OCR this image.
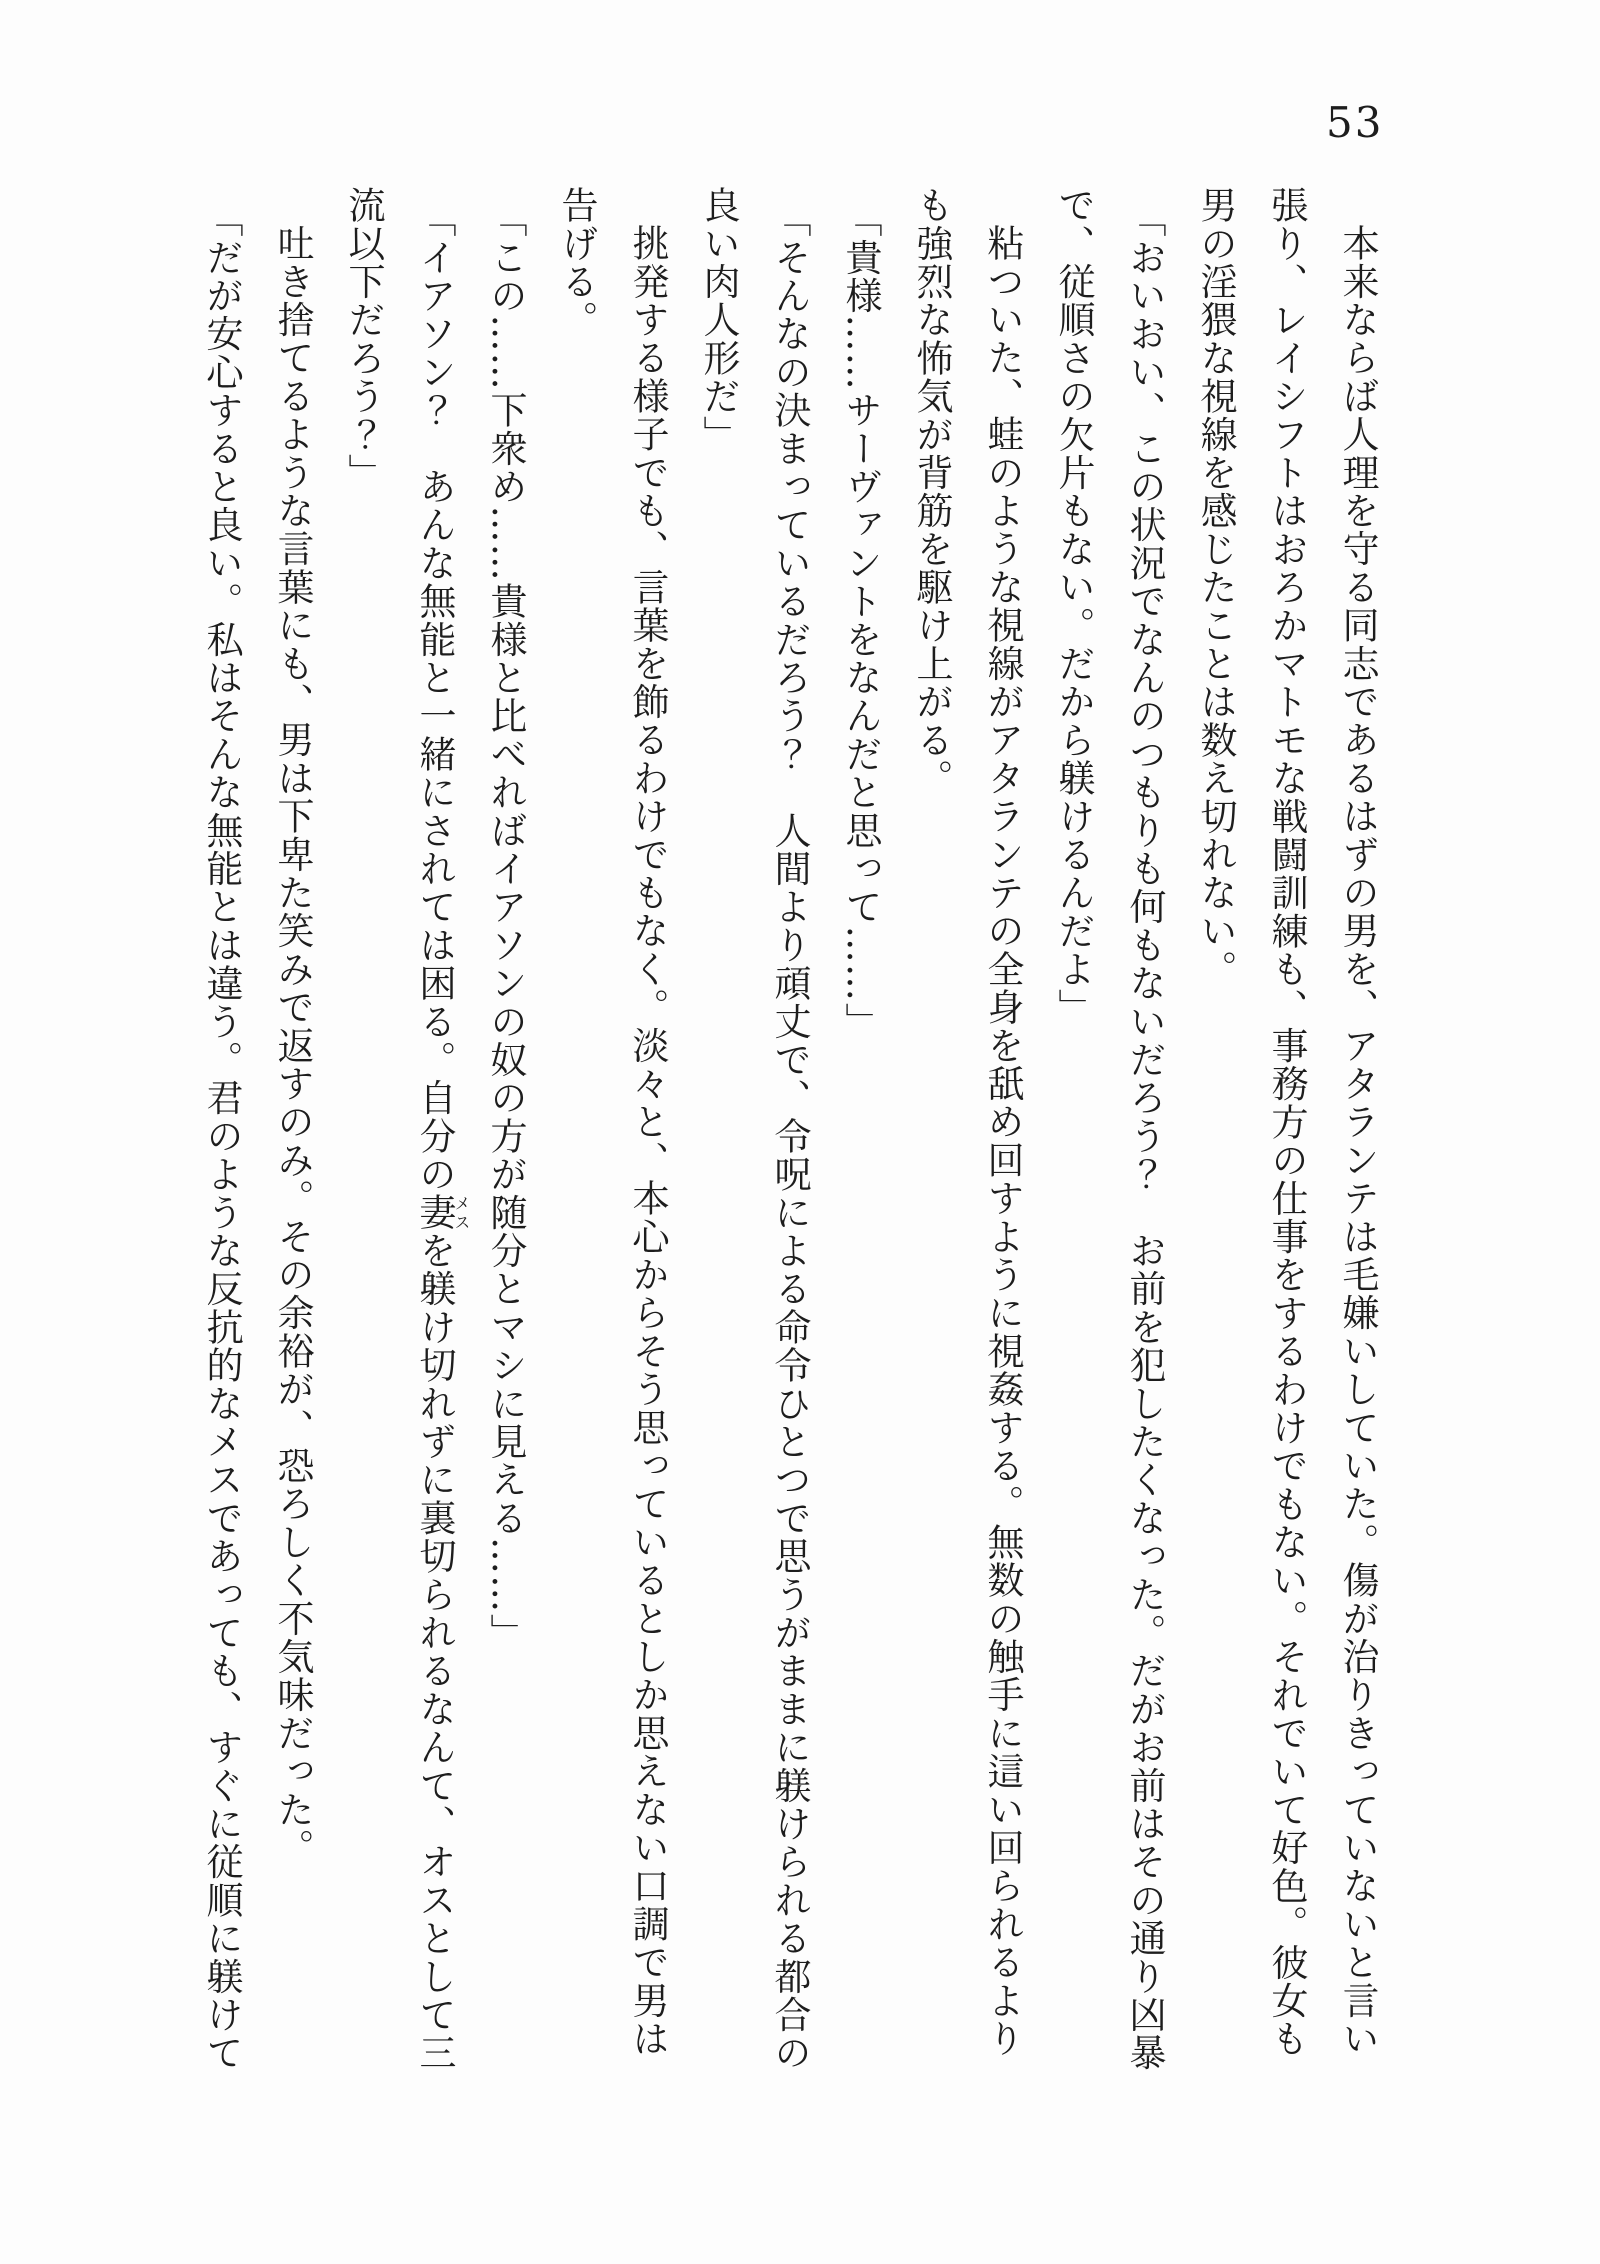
53

本来ならば人理を守る同志であるはずの男を、アタランテは毛嫌いしていた。傷が治りきっていないと言い

張り、レイシフトはおろかマトモな戦闘訓練も、事務方の仕事をするわけでもない。それでいて好色。彼女も

男の淫猥な視線を感じたことは数え切れない。

「おいおい、この状況でなんのつもりも何もないだろう？　お前を犯したくなった。だがお前はその通り凶暴

で、従順さの欠片もない。だから躾けるんだよ」

粘ついた、蛙のような視線がアタランテの全身を舐め回すように視姦する。無数の触手に這い回られるより

も強烈な怖気が背筋を駆け上がる。

「貴様……サーヴァントをなんだと思って……」

「そんなの決まっているだろう？　人間より頑丈で、令呪による命令ひとつで思うがままに躾けられる都合の

良い肉人形だ」

挑発する様子でも、言葉を飾るわけでもなく。淡々と、本心からそう思っているとしか思えない口調で男は

告げる。

「この……下衆め……貴様と比べればイアソンの奴の方が随分とマシに見える……」

「イアソン？　あんな無能と一緒にされては困る。自分の妻メスを躾け切れずに裏切られるなんて、オスとして三

流以下だろう？」

吐き捨てるような言葉にも、男は下卑た笑みで返すのみ。その余裕が、恐ろしく不気味だった。

「だが安心すると良い。私はそんな無能とは違う。君のような反抗的なメスであっても、すぐに従順に躾けて
